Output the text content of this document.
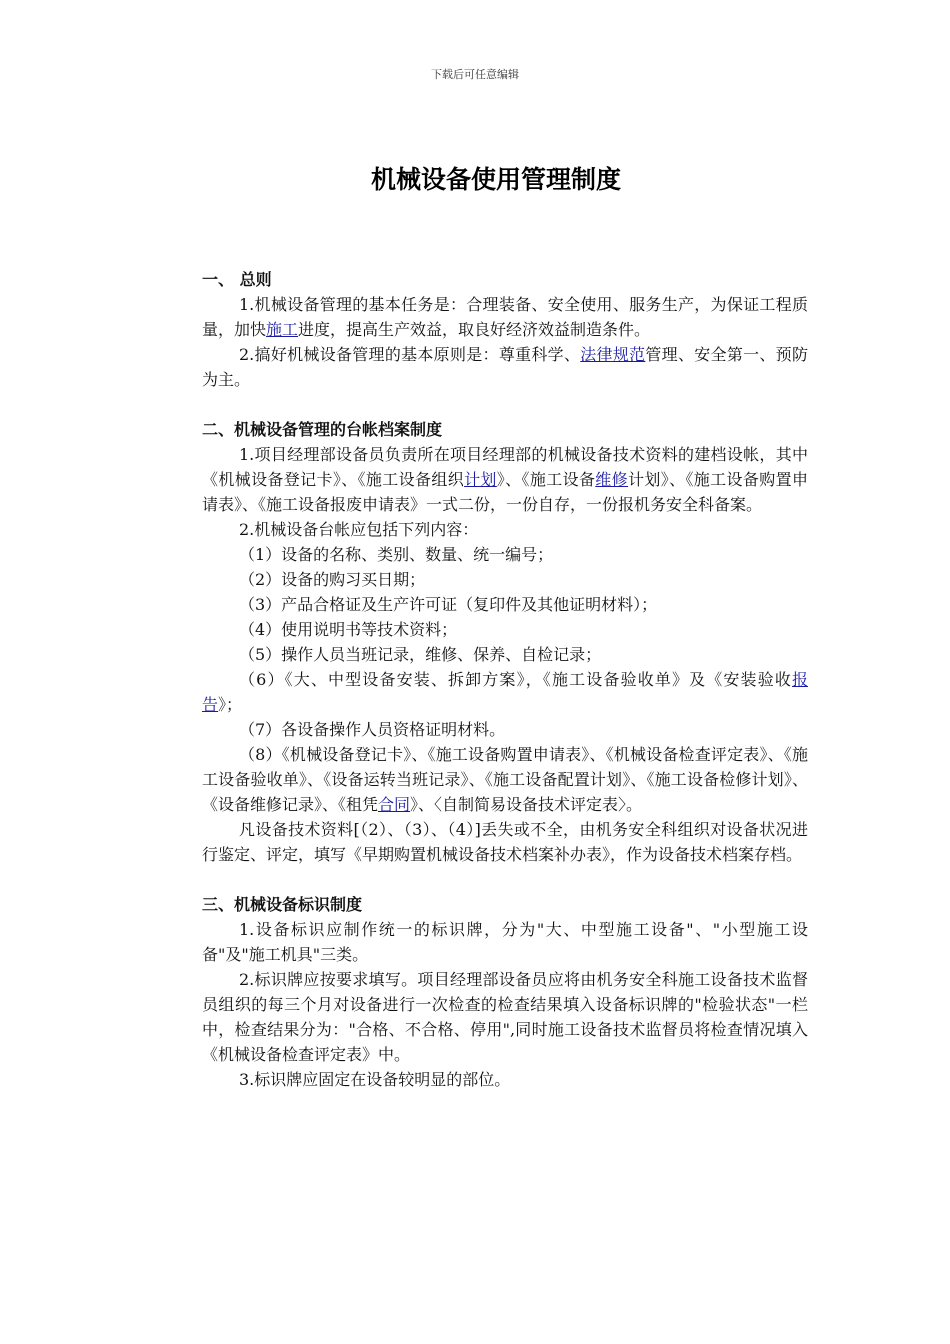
下载后可任意编辑
机械设备使用管理制度
一、 总则

1.机械设备管理的基本任务是：合理装备、安全使用、服务生产，为保证工程质量，加快施工进度，提高生产效益，取良好经济效益制造条件。

2.搞好机械设备管理的基本原则是：尊重科学、法律规范管理、安全第一、预防为主。

二、机械设备管理的台帐档案制度

1.项目经理部设备员负责所在项目经理部的机械设备技术资料的建档设帐，其中《机械设备登记卡》、《施工设备组织计划》、《施工设备维修计划》、《施工设备购置申请表》、《施工设备报废申请表》一式二份，一份自存，一份报机务安全科备案。

2.机械设备台帐应包括下列内容：

（1）设备的名称、类别、数量、统一编号；

（2）设备的购习买日期；

（3）产品合格证及生产许可证（复印件及其他证明材料）；

（4）使用说明书等技术资料；

（5）操作人员当班记录，维修、保养、自检记录；

（6）《大、中型设备安装、拆卸方案》，《施工设备验收单》及《安装验收报告》；

（7）各设备操作人员资格证明材料。

（8）《机械设备登记卡》、《施工设备购置申请表》、《机械设备检查评定表》、《施工设备验收单》、《设备运转当班记录》、《施工设备配置计划》、《施工设备检修计划》、《设备维修记录》、《租凭合同》、〈自制简易设备技术评定表〉。

凡设备技术资料[（2）、（3）、（4）]丢失或不全，由机务安全科组织对设备状况进行鉴定、评定，填写《早期购置机械设备技术档案补办表》，作为设备技术档案存档。

三、机械设备标识制度

1.设备标识应制作统一的标识牌，分为"大、中型施工设备"、"小型施工设备"及"施工机具"三类。

2.标识牌应按要求填写。项目经理部设备员应将由机务安全科施工设备技术监督员组织的每三个月对设备进行一次检查的检查结果填入设备标识牌的"检验状态"一栏中，检查结果分为："合格、不合格、停用",同时施工设备技术监督员将检查情况填入《机械设备检查评定表》中。

3.标识牌应固定在设备较明显的部位。
